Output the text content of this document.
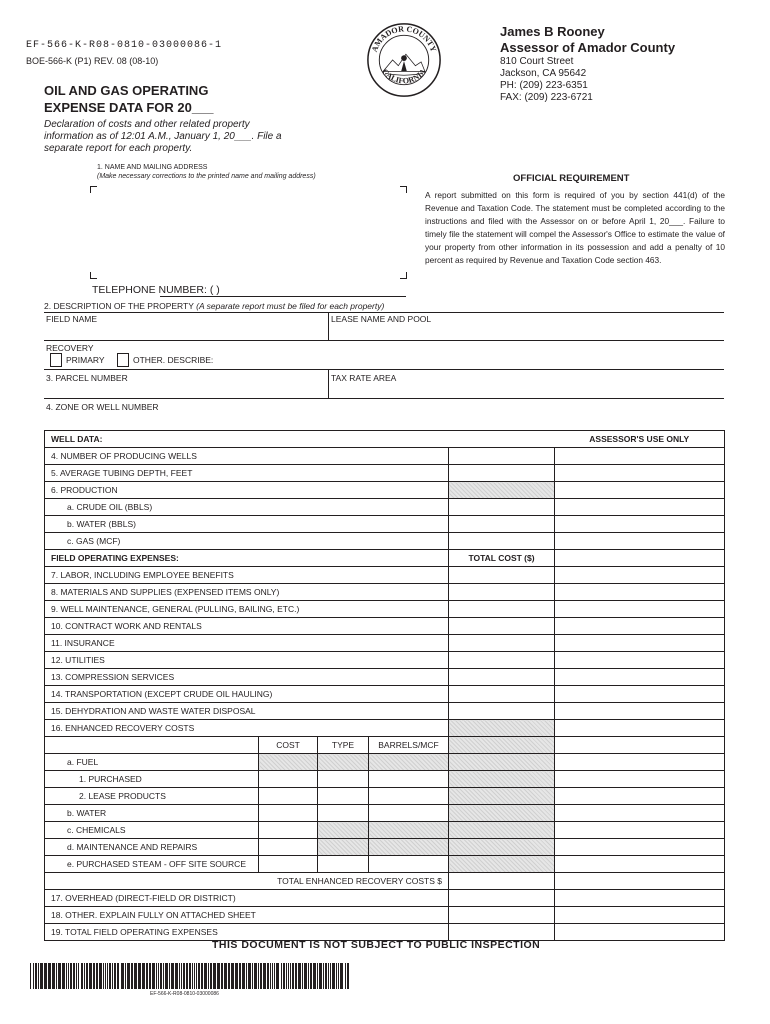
EF-566-K-R08-0810-03000086-1
BOE-566-K (P1) REV. 08 (08-10)
OIL AND GAS OPERATING
EXPENSE DATA FOR 20___
Declaration of costs and other related property information as of 12:01 A.M., January 1, 20___. File a separate report for each property.
AMADOR COUNTY
CALIFORNIA
James B Rooney
Assessor of Amador County
810 Court Street
Jackson, CA 95642
PH: (209) 223-6351
FAX: (209) 223-6721
1. NAME AND MAILING ADDRESS
(Make necessary corrections to the printed name and mailing address)
TELEPHONE NUMBER: ( )
OFFICIAL REQUIREMENT
A report submitted on this form is required of you by section 441(d) of the Revenue and Taxation Code. The statement must be completed according to the instructions and filed with the Assessor on or before April 1, 20___. Failure to timely file the statement will compel the Assessor's Office to estimate the value of your property from other information in its possession and add a penalty of 10 percent as required by Revenue and Taxation Code section 463.
2. DESCRIPTION OF THE PROPERTY (A separate report must be filed for each property)
FIELD NAME	LEASE NAME AND POOL
RECOVERY
PRIMARY	OTHER. DESCRIBE:
3. PARCEL NUMBER	TAX RATE AREA
4. ZONE OR WELL NUMBER
WELL DATA:					ASSESSOR'S USE ONLY
4. NUMBER OF PRODUCING WELLS					
5. AVERAGE TUBING DEPTH, FEET					
6. PRODUCTION					
a. CRUDE OIL (BBLS)					
b. WATER (BBLS)					
c. GAS (MCF)					
FIELD OPERATING EXPENSES:				TOTAL COST ($)	
7. LABOR, INCLUDING EMPLOYEE BENEFITS					
8. MATERIALS AND SUPPLIES (EXPENSED ITEMS ONLY)					
9. WELL MAINTENANCE, GENERAL (PULLING, BAILING, ETC.)					
10. CONTRACT WORK AND RENTALS					
11. INSURANCE					
12. UTILITIES					
13. COMPRESSION SERVICES					
14. TRANSPORTATION (EXCEPT CRUDE OIL HAULING)					
15. DEHYDRATION AND WASTE WATER DISPOSAL					
16. ENHANCED RECOVERY COSTS					
	COST	TYPE	BARRELS/MCF		
a. FUEL					
1. PURCHASED					
2. LEASE PRODUCTS					
b. WATER					
c. CHEMICALS					
d. MAINTENANCE AND REPAIRS					
e. PURCHASED STEAM - OFF SITE SOURCE					
TOTAL ENHANCED RECOVERY COSTS $					
17. OVERHEAD (DIRECT-FIELD OR DISTRICT)					
18. OTHER. EXPLAIN FULLY ON ATTACHED SHEET					
19. TOTAL FIELD OPERATING EXPENSES					
THIS DOCUMENT IS NOT SUBJECT TO PUBLIC INSPECTION
EF-566-K-R08-0810-03000086
